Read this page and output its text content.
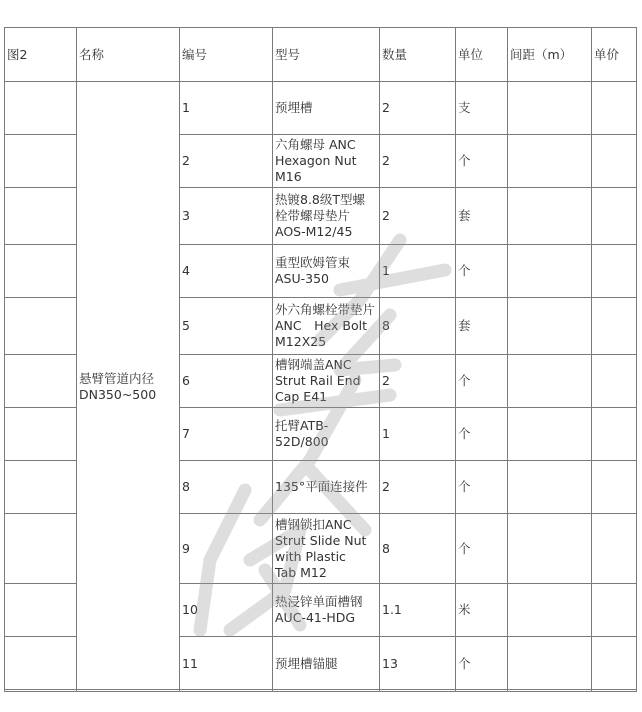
图2	名称	编号	型号	数量	单位	间距（m）	单价
	悬臂管道内径DN350~500	1	预埋槽	2	支		
		2	六角螺母 ANC Hexagon Nut M16	2	个		
		3	热镀8.8级T型螺栓带螺母垫片AOS-M12/45	2	套		
		4	重型欧姆管束ASU-350	1	个		
		5	外六角螺栓带垫片ANC　Hex Bolt M12X25	8	套		
		6	槽钢端盖ANC Strut Rail End Cap E41	2	个		
		7	托臂ATB-52D/800	1	个		
		8	135°平面连接件	2	个		
		9	槽钢锁扣ANC Strut Slide Nut with Plastic　Tab M12	8	个		
		10	热浸锌单面槽钢AUC-41-HDG	1.1	米		
		11	预埋槽锚腿	13	个		
